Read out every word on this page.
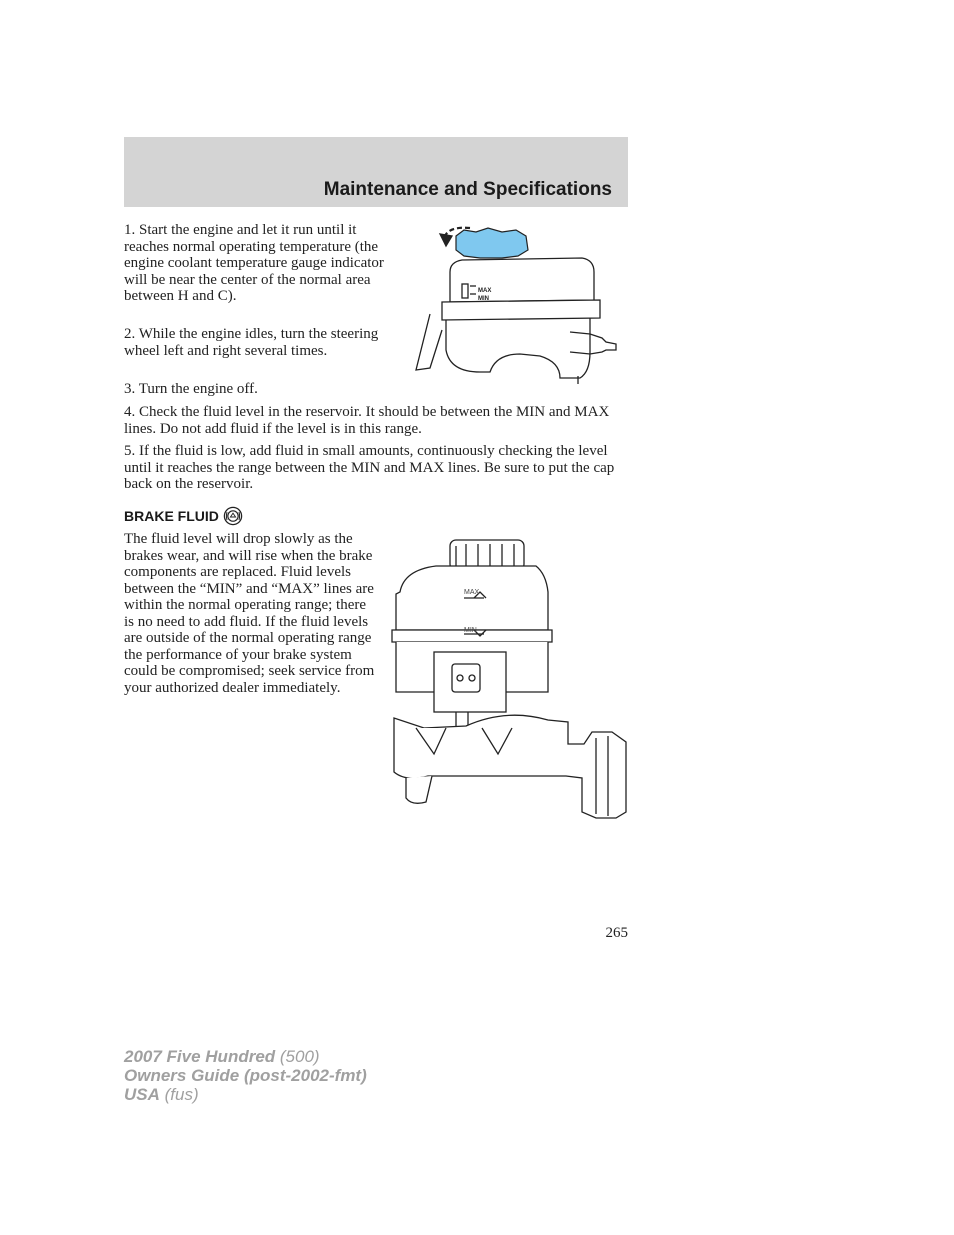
Maintenance and Specifications

1. Start the engine and let it run until it reaches normal operating temperature (the engine coolant temperature gauge indicator will be near the center of the normal area between H and C).

2. While the engine idles, turn the steering wheel left and right several times.

3. Turn the engine off.

4. Check the fluid level in the reservoir. It should be between the MIN and MAX lines. Do not add fluid if the level is in this range.

5. If the fluid is low, add fluid in small amounts, continuously checking the level until it reaches the range between the MIN and MAX lines. Be sure to put the cap back on the reservoir.

MAX
MIN
BRAKE FLUID

The fluid level will drop slowly as the brakes wear, and will rise when the brake components are replaced. Fluid levels between the “MIN” and “MAX” lines are within the normal operating range; there is no need to add fluid. If the fluid levels are outside of the normal operating range the performance of your brake system could be compromised; seek service from your authorized dealer immediately.

MAX
MIN

265

2007 Five Hundred (500)
Owners Guide (post-2002-fmt)
USA (fus)
